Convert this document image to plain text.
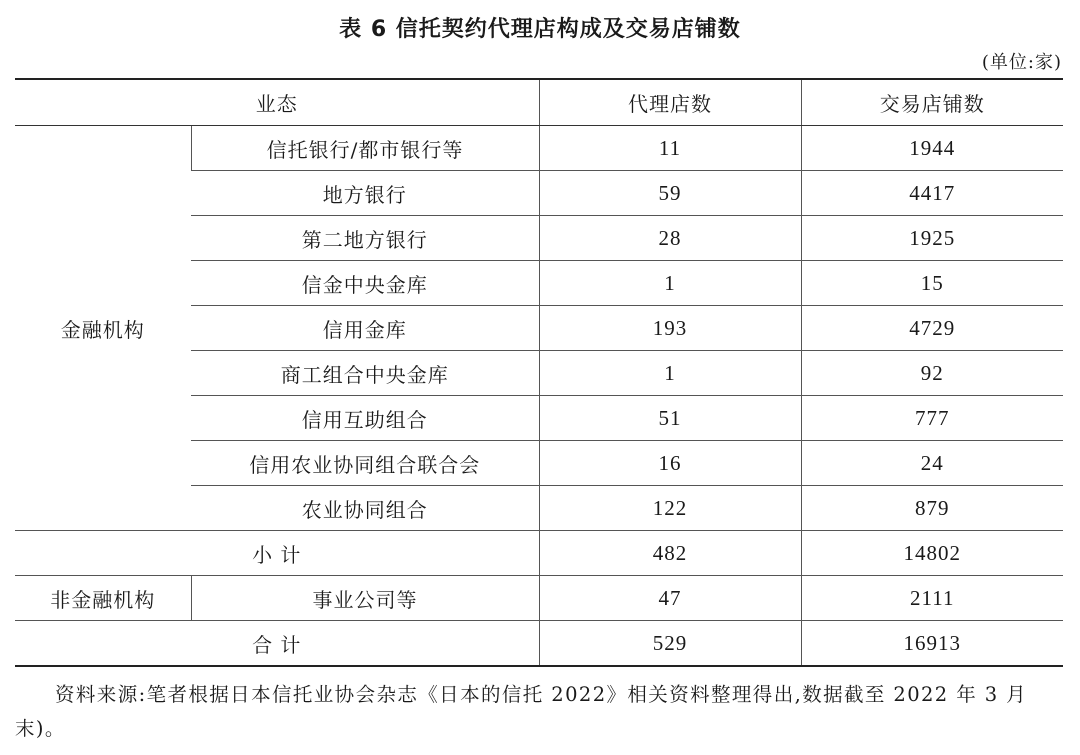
表 6 信托契约代理店构成及交易店铺数
(单位:家)
业态		代理店数	交易店铺数
金融机构	信托银行/都市银行等	11	1944
	地方银行	59	4417
	第二地方银行	28	1925
	信金中央金库	1	15
	信用金库	193	4729
	商工组合中央金库	1	92
	信用互助组合	51	777
	信用农业协同组合联合会	16	24
	农业协同组合	122	879
小 计		482	14802
非金融机构	事业公司等	47	2111
合 计		529	16913
资料来源:笔者根据日本信托业协会杂志《日本的信托 2022》相关资料整理得出,数据截至 2022 年 3 月末)。
